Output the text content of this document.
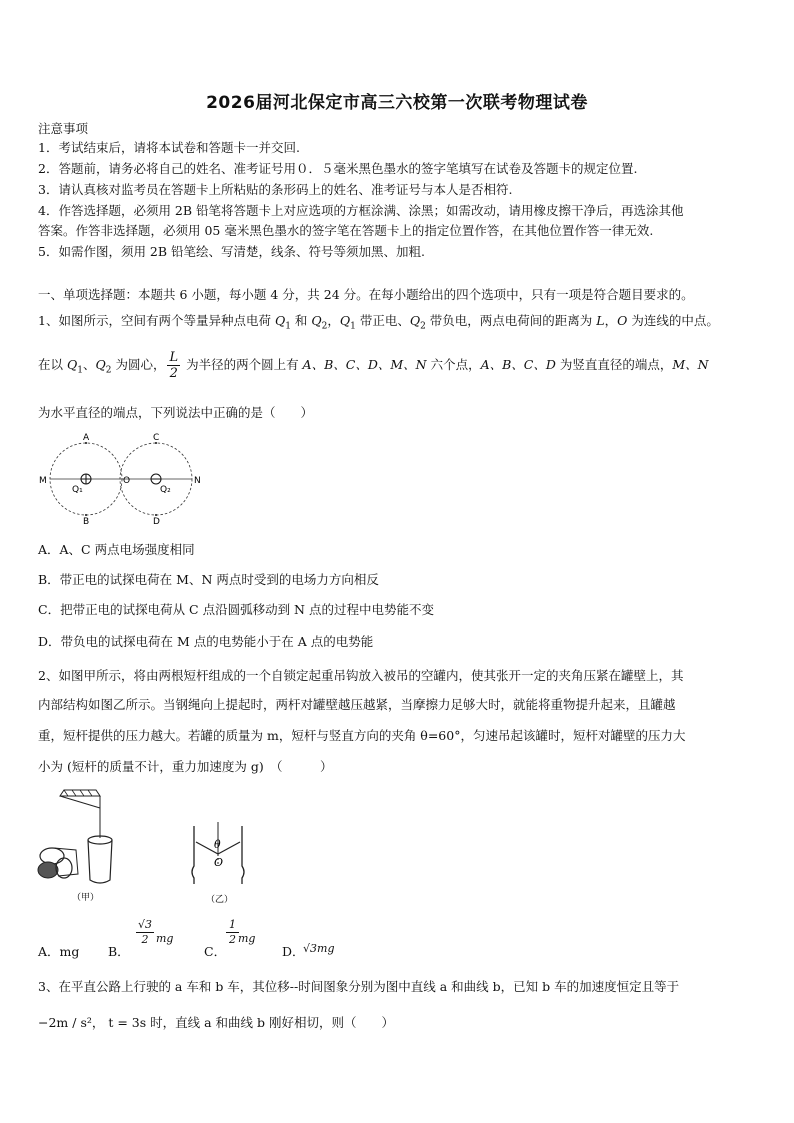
2026届河北保定市高三六校第一次联考物理试卷
注意事项
1．考试结束后，请将本试卷和答题卡一并交回.
2．答题前，请务必将自己的姓名、准考证号用０．５毫米黑色墨水的签字笔填写在试卷及答题卡的规定位置.
3．请认真核对监考员在答题卡上所粘贴的条形码上的姓名、准考证号与本人是否相符.
4．作答选择题，必须用 2B 铅笔将答题卡上对应选项的方框涂满、涂黑；如需改动，请用橡皮擦干净后，再选涂其他
答案。作答非选择题，必须用 05 毫米黑色墨水的签字笔在答题卡上的指定位置作答，在其他位置作答一律无效.
5．如需作图，须用 2B 铅笔绘、写清楚，线条、符号等须加黑、加粗.
一、单项选择题：本题共 6 小题，每小题 4 分，共 24 分。在每小题给出的四个选项中，只有一项是符合题目要求的。
1、如图所示，空间有两个等量异种点电荷 $Q_1$ 和 $Q_2$，$Q_1$ 带正电、$Q_2$ 带负电，两点电荷间的距离为 L，O 为连线的中点。
在以 $Q_1$、$Q_2$ 为圆心， $\frac{L}{2}$ 为半径的两个圆上有 A、B、C、D、M、N 六个点，A、B、C、D 为竖直直径的端点，M、N
为水平直径的端点，下列说法中正确的是（　　）
A
B
C
D
M	N
O
Q₁	Q₂
A．A、C 两点电场强度相同
B．带正电的试探电荷在 M、N 两点时受到的电场力方向相反
C．把带正电的试探电荷从 C 点沿圆弧移动到 N 点的过程中电势能不变
D．带负电的试探电荷在 M 点的电势能小于在 A 点的电势能
2、如图甲所示，将由两根短杆组成的一个自锁定起重吊钩放入被吊的空罐内，使其张开一定的夹角压紧在罐壁上，其
内部结构如图乙所示。当钢绳向上提起时，两杆对罐壁越压越紧，当摩擦力足够大时，就能将重物提升起来，且罐越
重，短杆提供的压力越大。若罐的质量为 m，短杆与竖直方向的夹角 θ=60°，匀速吊起该罐时，短杆对罐壁的压力大
小为 (短杆的质量不计，重力加速度为 g)　（　　　）
（甲）
θ
O
（乙）
A．mg B．
√3
2 mg
C．
1
2 mg
D．
√3mg
3、在平直公路上行驶的 a 车和 b 车，其位移--时间图象分别为图中直线 a 和曲线 b，已知 b 车的加速度恒定且等于
−2m / s²， t = 3s 时，直线 a 和曲线 b 刚好相切，则（　　）
